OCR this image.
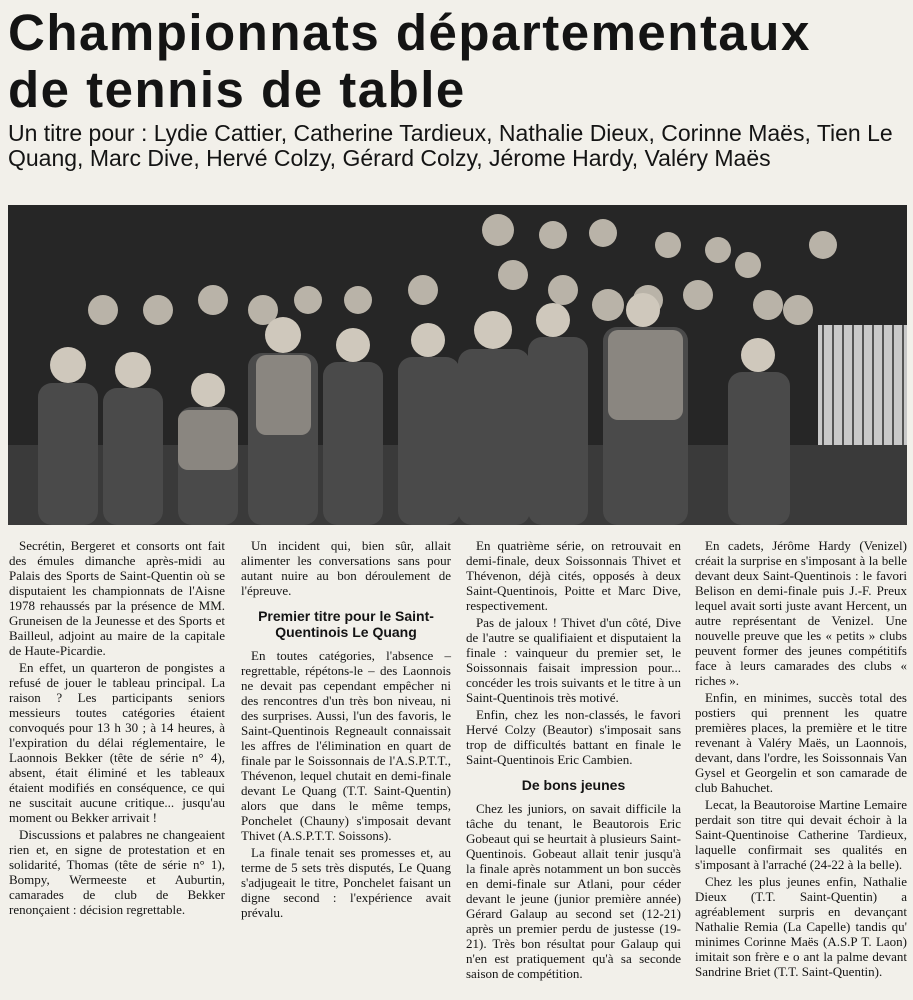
Championnats départementaux
de tennis de table

Un titre pour : Lydie Cattier, Catherine Tardieux, Nathalie Dieux, Corinne Maës, Tien Le Quang, Marc Dive, Hervé Colzy, Gérard Colzy, Jérome Hardy, Valéry Maës

Secrétin, Bergeret et consorts ont fait des émules dimanche après-midi au Palais des Sports de Saint-Quentin où se disputaient les championnats de l'Aisne 1978 rehaussés par la présence de MM. Gruneisen de la Jeunesse et des Sports et Bailleul, adjoint au maire de la capitale de Haute-Picardie.

En effet, un quarteron de pongistes a refusé de jouer le tableau principal. La raison ? Les participants seniors messieurs toutes catégories étaient convoqués pour 13 h 30 ; à 14 heures, à l'expiration du délai réglementaire, le Laonnois Bekker (tête de série n° 4), absent, était éliminé et les tableaux étaient modifiés en conséquence, ce qui ne suscitait aucune critique... jusqu'au moment ou Bekker arrivait !

Discussions et palabres ne changeaient rien et, en signe de protestation et en solidarité, Thomas (tête de série n° 1), Bompy, Wermeeste et Auburtin, camarades de club de Bekker renonçaient : décision regrettable.

Un incident qui, bien sûr, allait alimenter les conversations sans pour autant nuire au bon déroulement de l'épreuve.

Premier titre pour le Saint-Quentinois Le Quang

En toutes catégories, l'absence – regrettable, répétons-le – des Laonnois ne devait pas cependant empêcher ni des rencontres d'un très bon niveau, ni des surprises. Aussi, l'un des favoris, le Saint-Quentinois Regneault connaissait les affres de l'élimination en quart de finale par le Soissonnais de l'A.S.P.T.T., Thévenon, lequel chutait en demi-finale devant Le Quang (T.T. Saint-Quentin) alors que dans le même temps, Ponchelet (Chauny) s'imposait devant Thivet (A.S.P.T.T. Soissons).

La finale tenait ses promesses et, au terme de 5 sets très disputés, Le Quang s'adjugeait le titre, Ponchelet faisant un digne second : l'expérience avait prévalu.

En quatrième série, on retrouvait en demi-finale, deux Soissonnais Thivet et Thévenon, déjà cités, opposés à deux Saint-Quentinois, Poitte et Marc Dive, respectivement.

Pas de jaloux ! Thivet d'un côté, Dive de l'autre se qualifiaient et disputaient la finale : vainqueur du premier set, le Soissonnais faisait impression pour... concéder les trois suivants et le titre à un Saint-Quentinois très motivé.

Enfin, chez les non-classés, le favori Hervé Colzy (Beautor) s'imposait sans trop de difficultés battant en finale le Saint-Quentinois Eric Cambien.

De bons jeunes

Chez les juniors, on savait difficile la tâche du tenant, le Beautorois Eric Gobeaut qui se heurtait à plusieurs Saint-Quentinois. Gobeaut allait tenir jusqu'à la finale après notamment un bon succès en demi-finale sur Atlani, pour céder devant le jeune (junior première année) Gérard Galaup au second set (12-21) après un premier perdu de justesse (19-21). Très bon résultat pour Galaup qui n'en est pratiquement qu'à sa seconde saison de compétition.

En cadets, Jérôme Hardy (Venizel) créait la surprise en s'imposant à la belle devant deux Saint-Quentinois : le favori Belison en demi-finale puis J.-F. Preux lequel avait sorti juste avant Hercent, un autre représentant de Venizel. Une nouvelle preuve que les « petits » clubs peuvent former des jeunes compétitifs face à leurs camarades des clubs « riches ».

Enfin, en minimes, succès total des postiers qui prennent les quatre premières places, la première et le titre revenant à Valéry Maës, un Laonnois, devant, dans l'ordre, les Soissonnais Van Gysel et Georgelin et son camarade de club Bahuchet.

Lecat, la Beautoroise Martine Lemaire perdait son titre qui devait échoir à la Saint-Quentinoise Catherine Tardieux, laquelle confirmait ses qualités en s'imposant à l'arraché (24-22 à la belle).

Chez les plus jeunes enfin, Nathalie Dieux (T.T. Saint-Quentin) a agréablement surpris en devançant Nathalie Remia (La Capelle) tandis qu' minimes Corinne Maës (A.S.P T. Laon) imitait son frère e o ant la palme devant Sandrine Briet (T.T. Saint-Quentin).
